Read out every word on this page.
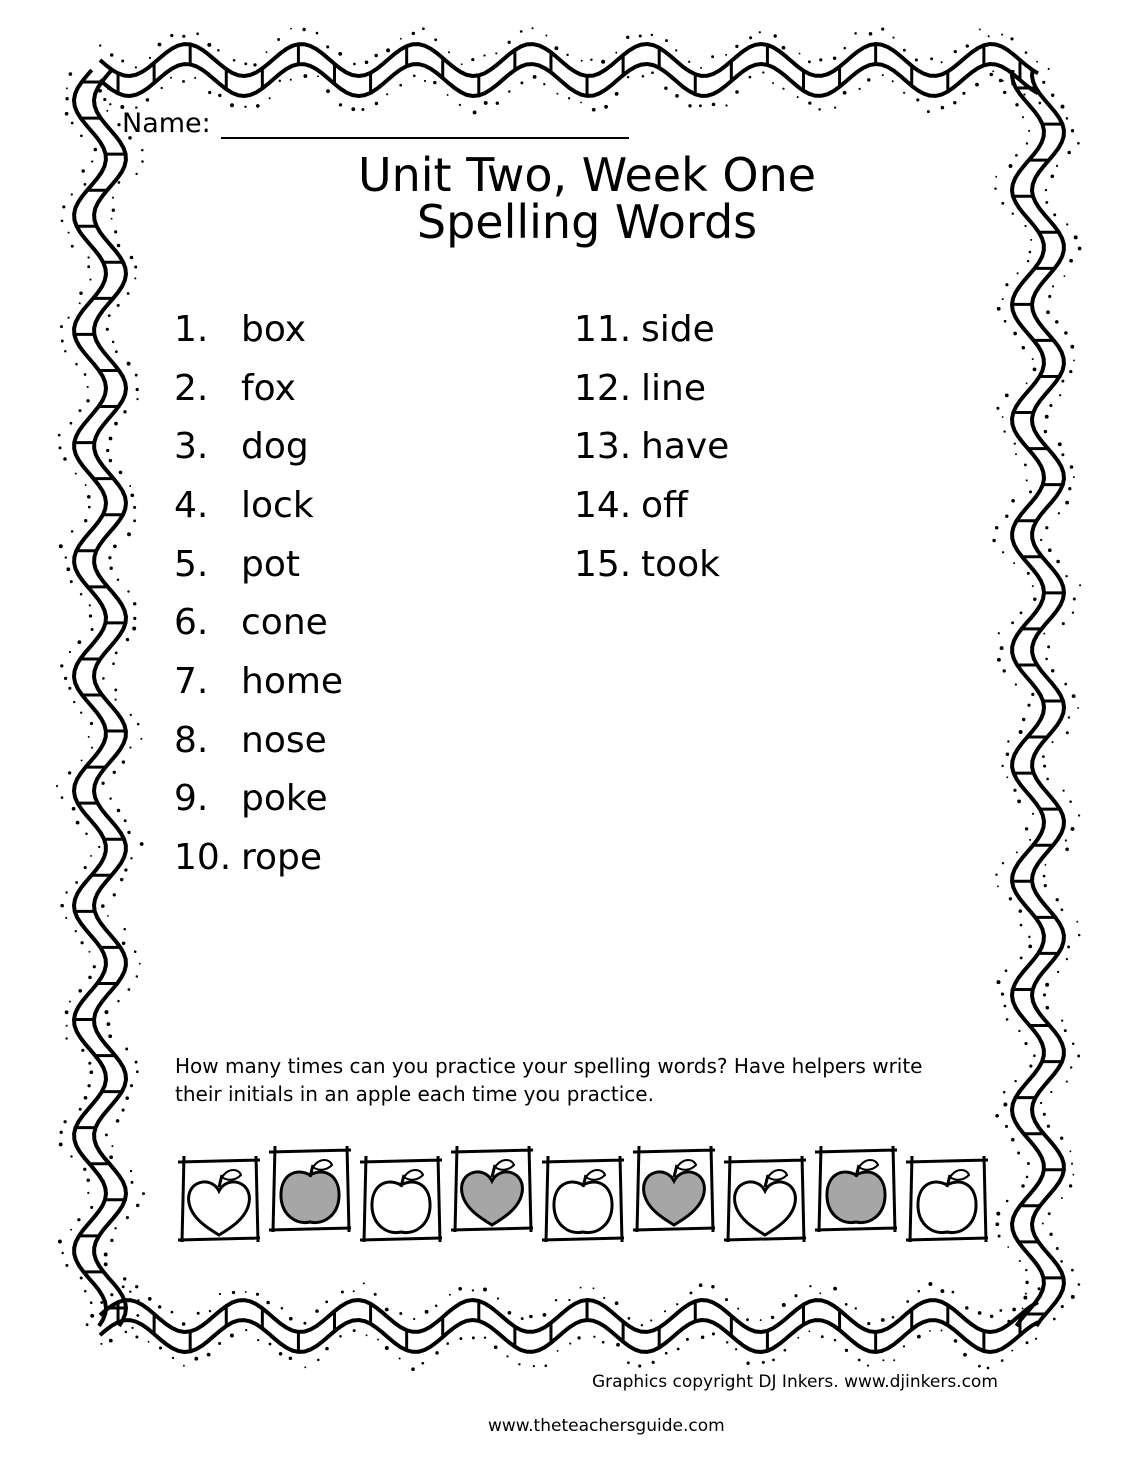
Name:
Unit Two, Week One
Spelling Words
1. box
2. fox
3. dog
4. lock
5. pot
6. cone
7. home
8. nose
9. poke
10. rope
11. side
12. line
13. have
14. off
15. took
How many times can you practice your spelling words? Have helpers write
their initials in an apple each time you practice.
Graphics copyright DJ Inkers. www.djinkers.com
www.theteachersguide.com
